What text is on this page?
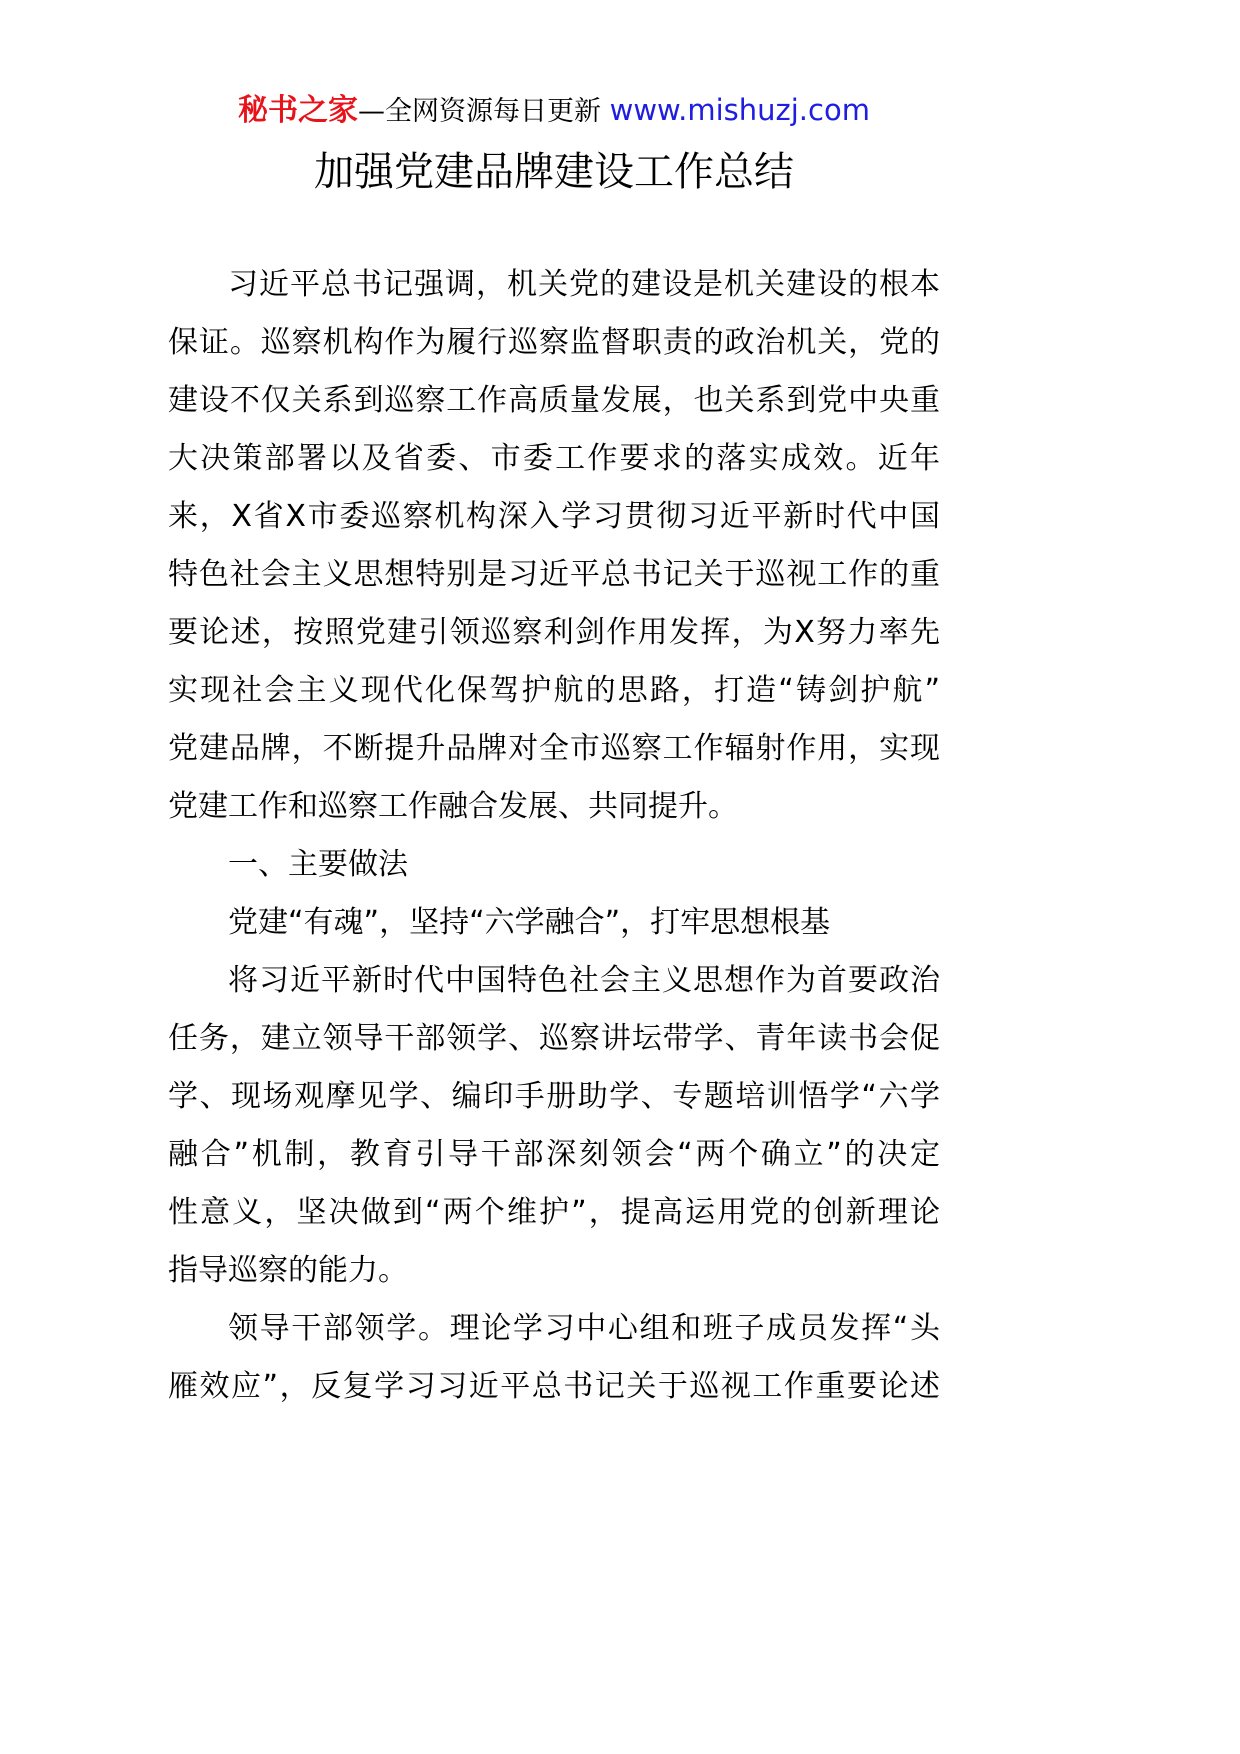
秘书之家—全网资源每日更新 www.mishuzj.com
加强党建品牌建设工作总结
习近平总书记强调，机关党的建设是机关建设的根本
保证。巡察机构作为履行巡察监督职责的政治机关，党的
建设不仅关系到巡察工作高质量发展，也关系到党中央重
大决策部署以及省委、市委工作要求的落实成效。近年
来，X省X市委巡察机构深入学习贯彻习近平新时代中国
特色社会主义思想特别是习近平总书记关于巡视工作的重
要论述，按照党建引领巡察利剑作用发挥，为X努力率先
实现社会主义现代化保驾护航的思路，打造“铸剑护航”
党建品牌，不断提升品牌对全市巡察工作辐射作用，实现
党建工作和巡察工作融合发展、共同提升。
一、主要做法
党建“有魂”，坚持“六学融合”，打牢思想根基
将习近平新时代中国特色社会主义思想作为首要政治
任务，建立领导干部领学、巡察讲坛带学、青年读书会促
学、现场观摩见学、编印手册助学、专题培训悟学“六学
融合”机制，教育引导干部深刻领会“两个确立”的决定
性意义，坚决做到“两个维护”，提高运用党的创新理论
指导巡察的能力。
领导干部领学。理论学习中心组和班子成员发挥“头
雁效应”，反复学习习近平总书记关于巡视工作重要论述
